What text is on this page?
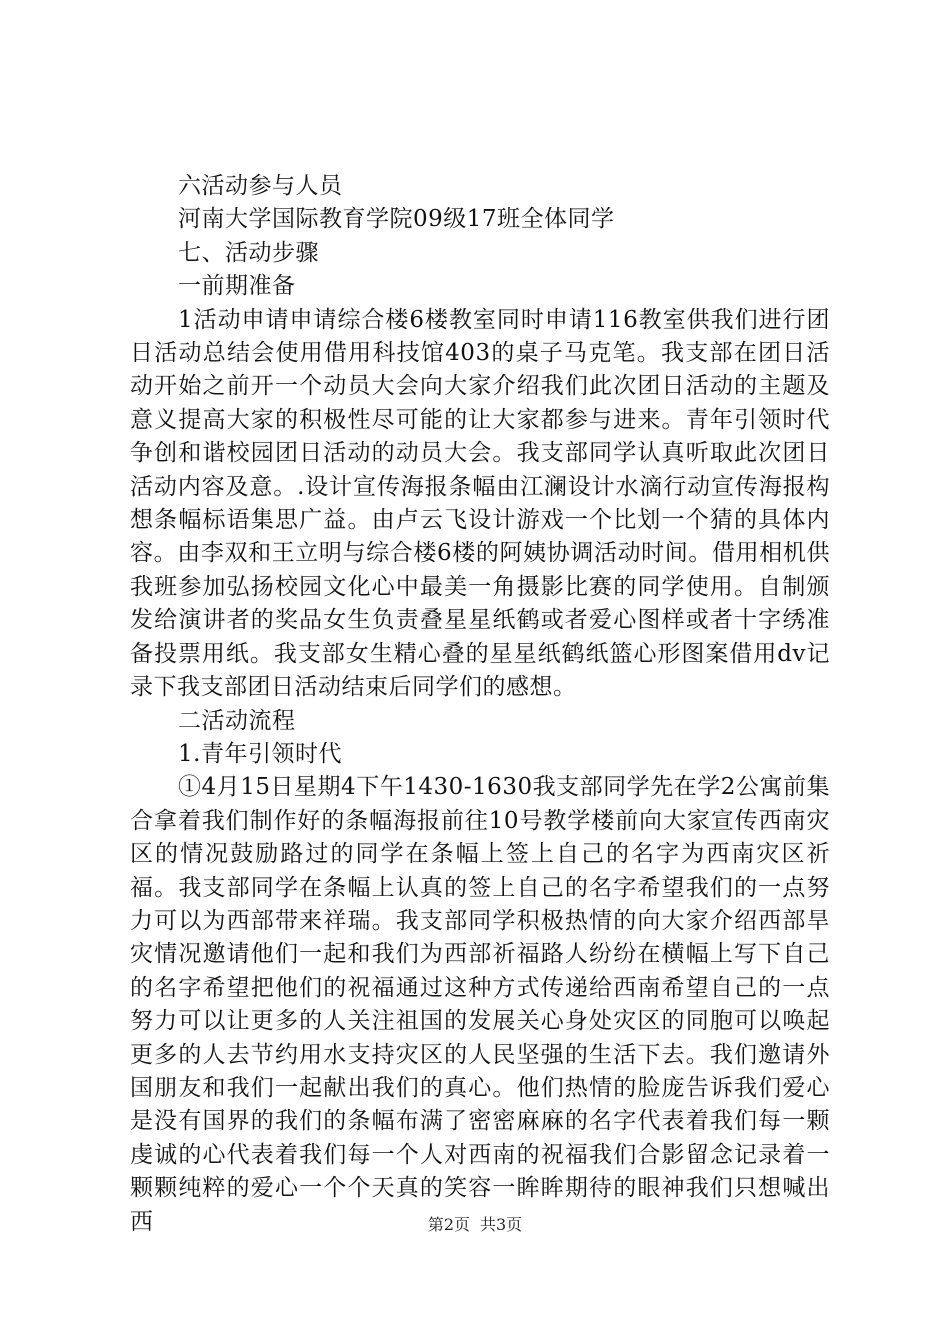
六活动参与人员

河南大学国际教育学院09级17班全体同学

七、活动步骤

一前期准备

1活动申请申请综合楼6楼教室同时申请116教室供我们进行团日活动总结会使用借用科技馆403的桌子马克笔。我支部在团日活动开始之前开一个动员大会向大家介绍我们此次团日活动的主题及意义提高大家的积极性尽可能的让大家都参与进来。青年引领时代争创和谐校园团日活动的动员大会。我支部同学认真听取此次团日活动内容及意。.设计宣传海报条幅由江澜设计水滴行动宣传海报构想条幅标语集思广益。由卢云飞设计游戏一个比划一个猜的具体内容。由李双和王立明与综合楼6楼的阿姨协调活动时间。借用相机供我班参加弘扬校园文化心中最美一角摄影比赛的同学使用。自制颁发给演讲者的奖品女生负责叠星星纸鹤或者爱心图样或者十字绣准备投票用纸。我支部女生精心叠的星星纸鹤纸篮心形图案借用dv记录下我支部团日活动结束后同学们的感想。

二活动流程

1.青年引领时代

①4月15日星期4下午1430-1630我支部同学先在学2公寓前集合拿着我们制作好的条幅海报前往10号教学楼前向大家宣传西南灾区的情况鼓励路过的同学在条幅上签上自己的名字为西南灾区祈福。我支部同学在条幅上认真的签上自己的名字希望我们的一点努力可以为西部带来祥瑞。我支部同学积极热情的向大家介绍西部旱灾情况邀请他们一起和我们为西部祈福路人纷纷在横幅上写下自己的名字希望把他们的祝福通过这种方式传递给西南希望自己的一点努力可以让更多的人关注祖国的发展关心身处灾区的同胞可以唤起更多的人去节约用水支持灾区的人民坚强的生活下去。我们邀请外国朋友和我们一起献出我们的真心。他们热情的脸庞告诉我们爱心是没有国界的我们的条幅布满了密密麻麻的名字代表着我们每一颗虔诚的心代表着我们每一个人对西南的祝福我们合影留念记录着一颗颗纯粹的爱心一个个天真的笑容一眸眸期待的眼神我们只想喊出西	第2页 共3页
